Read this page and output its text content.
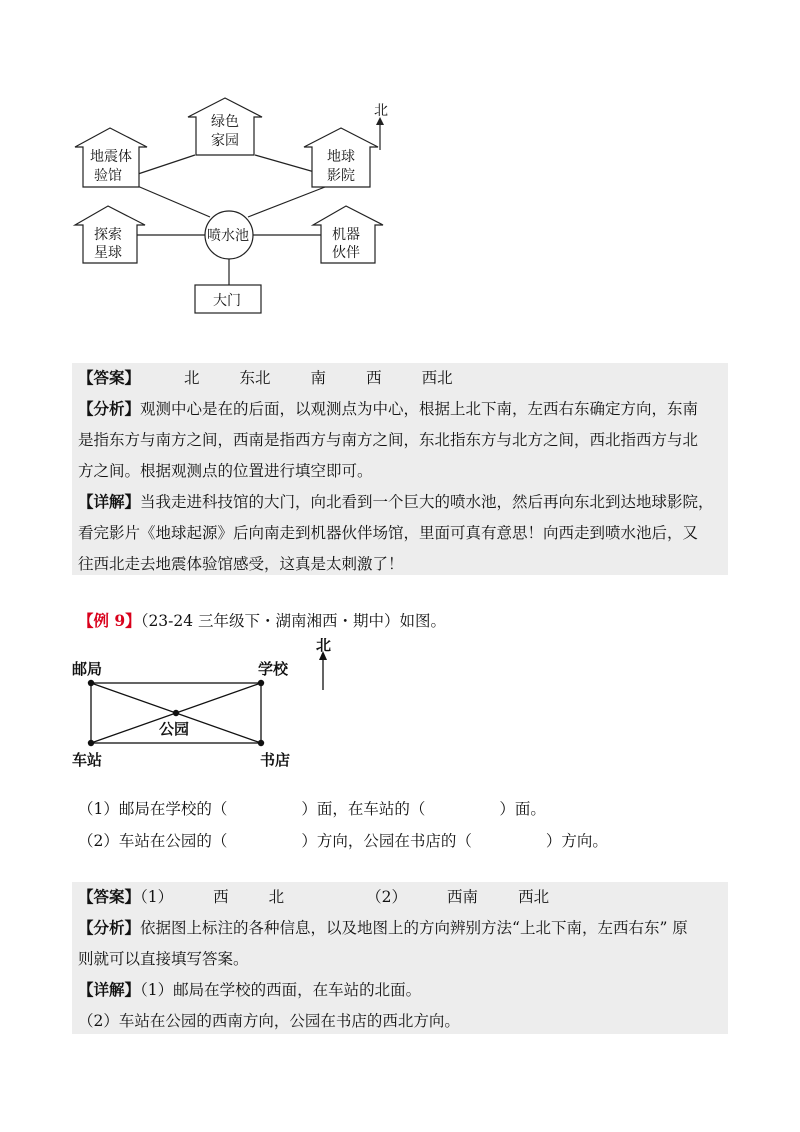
北
绿色
家园
地震体
验馆
地球
影院
探索
星球
机器
伙伴
喷水池
大门
【答案】	北	东北	南	西	西北
【分析】观测中心是在的后面，以观测点为中心，根据上北下南，左西右东确定方向，东南
是指东方与南方之间，西南是指西方与南方之间，东北指东方与北方之间，西北指西方与北
方之间。根据观测点的位置进行填空即可。
【详解】当我走进科技馆的大门，向北看到一个巨大的喷水池，然后再向东北到达地球影院，
看完影片《地球起源》后向南走到机器伙伴场馆，里面可真有意思！向西走到喷水池后，又
往西北走去地震体验馆感受，这真是太刺激了！
【例 9】（23-24 三年级下・湖南湘西・期中）如图。
北
邮局	学校
公园
车站	书店
（1）邮局在学校的（	）面，在车站的（	）面。
（2）车站在公园的（	）方向，公园在书店的（	）方向。
【答案】（1）	西	北	（2）	西南	西北
【分析】依据图上标注的各种信息，以及地图上的方向辨别方法“上北下南，左西右东” 原
则就可以直接填写答案。
【详解】（1）邮局在学校的西面，在车站的北面。
（2）车站在公园的西南方向，公园在书店的西北方向。
